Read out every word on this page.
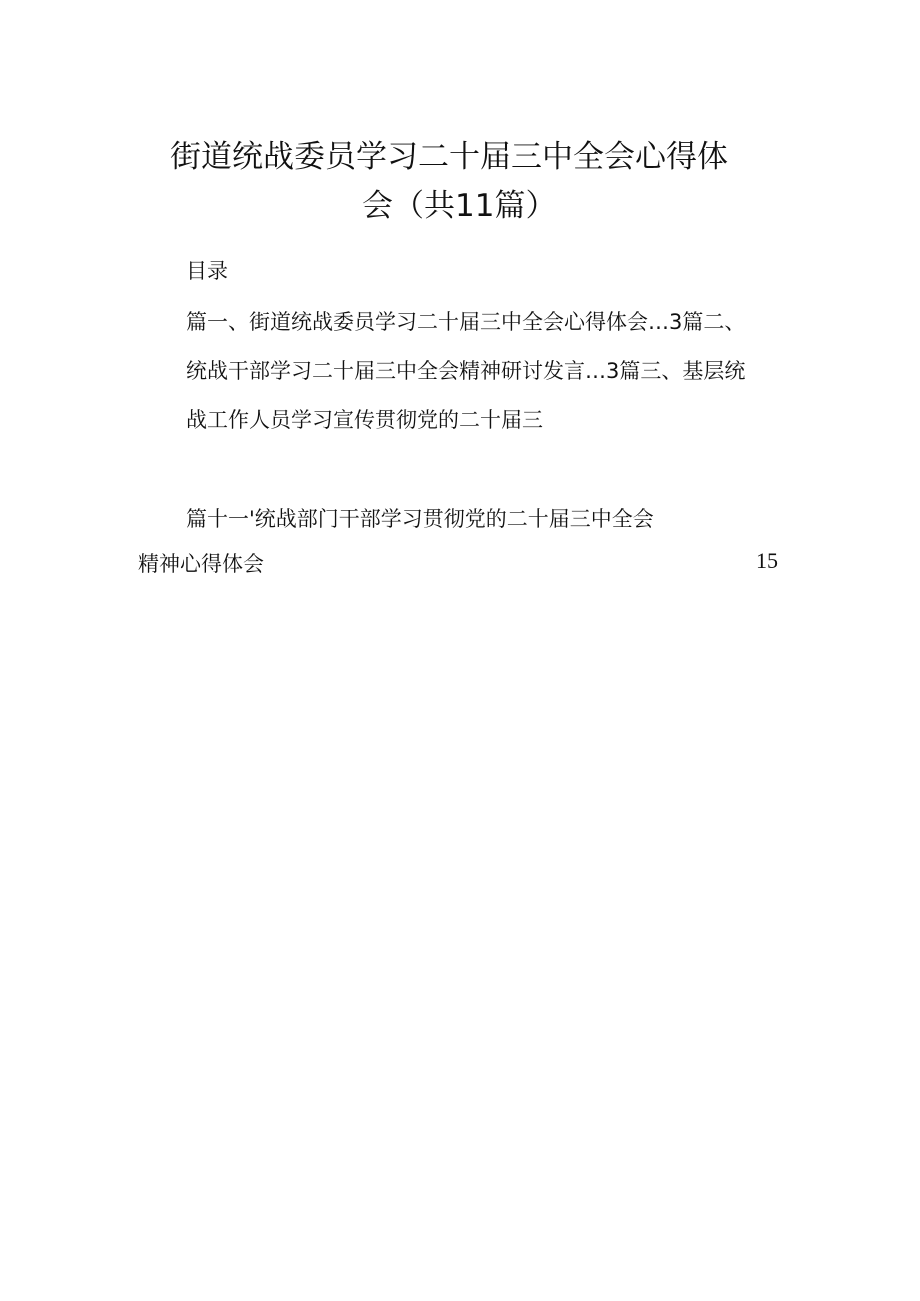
街道统战委员学习二十届三中全会心得体
会（共11篇）
目录
篇一、街道统战委员学习二十届三中全会心得体会…3篇二、
统战干部学习二十届三中全会精神研讨发言…3篇三、基层统
战工作人员学习宣传贯彻党的二十届三
篇十一'统战部门干部学习贯彻党的二十届三中全会
精神心得体会	15
